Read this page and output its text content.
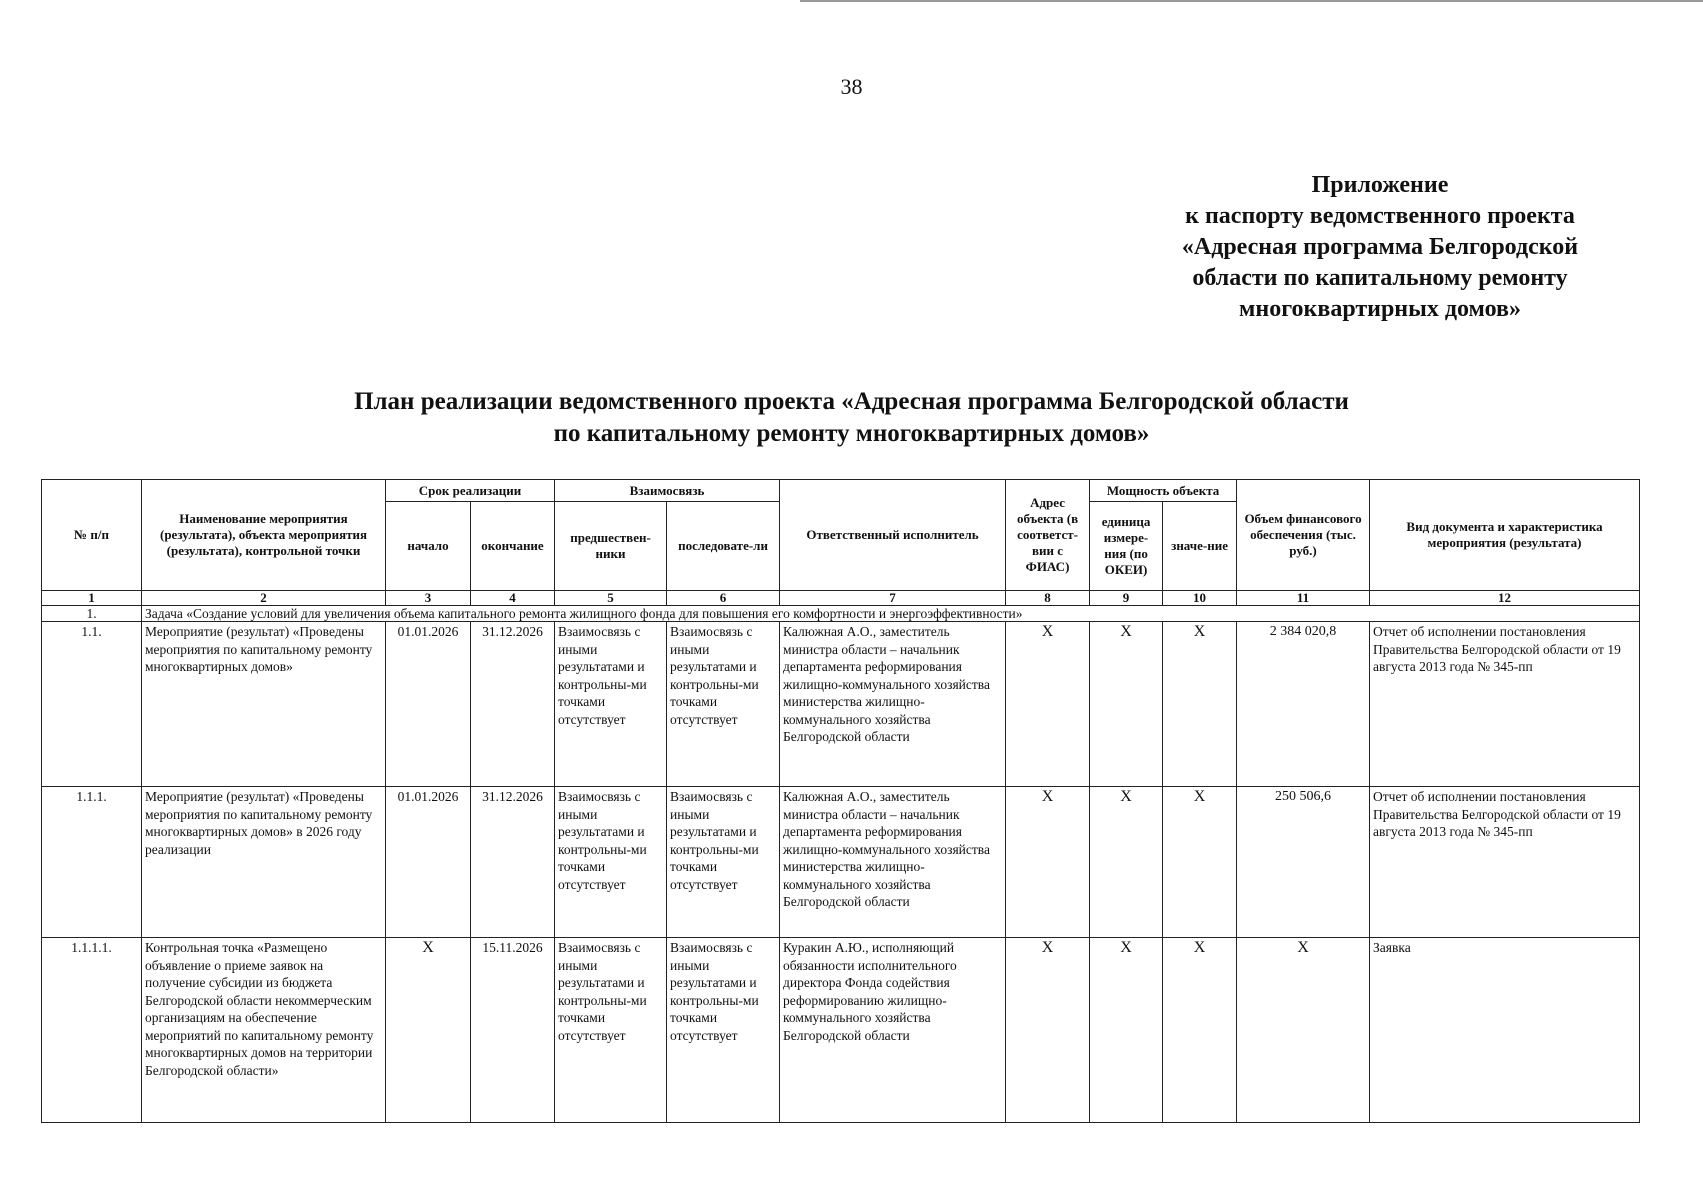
38
Приложение
к паспорту ведомственного проекта
«Адресная программа Белгородской
области по капитальному ремонту
многоквартирных домов»
План реализации ведомственного проекта «Адресная программа Белгородской области
по капитальному ремонту многоквартирных домов»
№ п/п	Наименование мероприятия (результата), объекта мероприятия (результата), контрольной точки	Срок реализации		Взаимосвязь		Ответственный исполнитель	Адрес объекта (в соответст-вии с ФИАС)	Мощность объекта		Объем финансового обеспечения (тыс. руб.)	Вид документа и характеристика мероприятия (результата)
		начало	окончание	предшествен-ники	последовате-ли			единица измере-ния (по ОКЕИ)	значе-ние		
1	2	3	4	5	6	7	8	9	10	11	12
1.	Задача «Создание условий для увеличения объема капитального ремонта жилищного фонда для повышения его комфортности и энергоэффективности»										
1.1.	Мероприятие (результат) «Проведены мероприятия по капитальному ремонту многоквартирных домов»	01.01.2026	31.12.2026	Взаимосвязь с иными результатами и контрольны-ми точками отсутствует	Взаимосвязь с иными результатами и контрольны-ми точками отсутствует	Калюжная А.О., заместитель министра области – начальник департамента реформирования жилищно-коммунального хозяйства министерства жилищно-коммунального хозяйства Белгородской области	Х	Х	Х	2 384 020,8	Отчет об исполнении постановления Правительства Белгородской области от 19 августа 2013 года № 345-пп
1.1.1.	Мероприятие (результат) «Проведены мероприятия по капитальному ремонту многоквартирных домов» в 2026 году реализации	01.01.2026	31.12.2026	Взаимосвязь с иными результатами и контрольны-ми точками отсутствует	Взаимосвязь с иными результатами и контрольны-ми точками отсутствует	Калюжная А.О., заместитель министра области – начальник департамента реформирования жилищно-коммунального хозяйства министерства жилищно-коммунального хозяйства Белгородской области	Х	Х	Х	250 506,6	Отчет об исполнении постановления Правительства Белгородской области от 19 августа 2013 года № 345-пп
1.1.1.1.	Контрольная точка «Размещено объявление о приеме заявок на получение субсидии из бюджета Белгородской области некоммерческим организациям на обеспечение мероприятий по капитальному ремонту многоквартирных домов на территории Белгородской области»	Х	15.11.2026	Взаимосвязь с иными результатами и контрольны-ми точками отсутствует	Взаимосвязь с иными результатами и контрольны-ми точками отсутствует	Куракин А.Ю., исполняющий обязанности исполнительного директора Фонда содействия реформированию жилищно-коммунального хозяйства Белгородской области	Х	Х	Х	Х	Заявка
